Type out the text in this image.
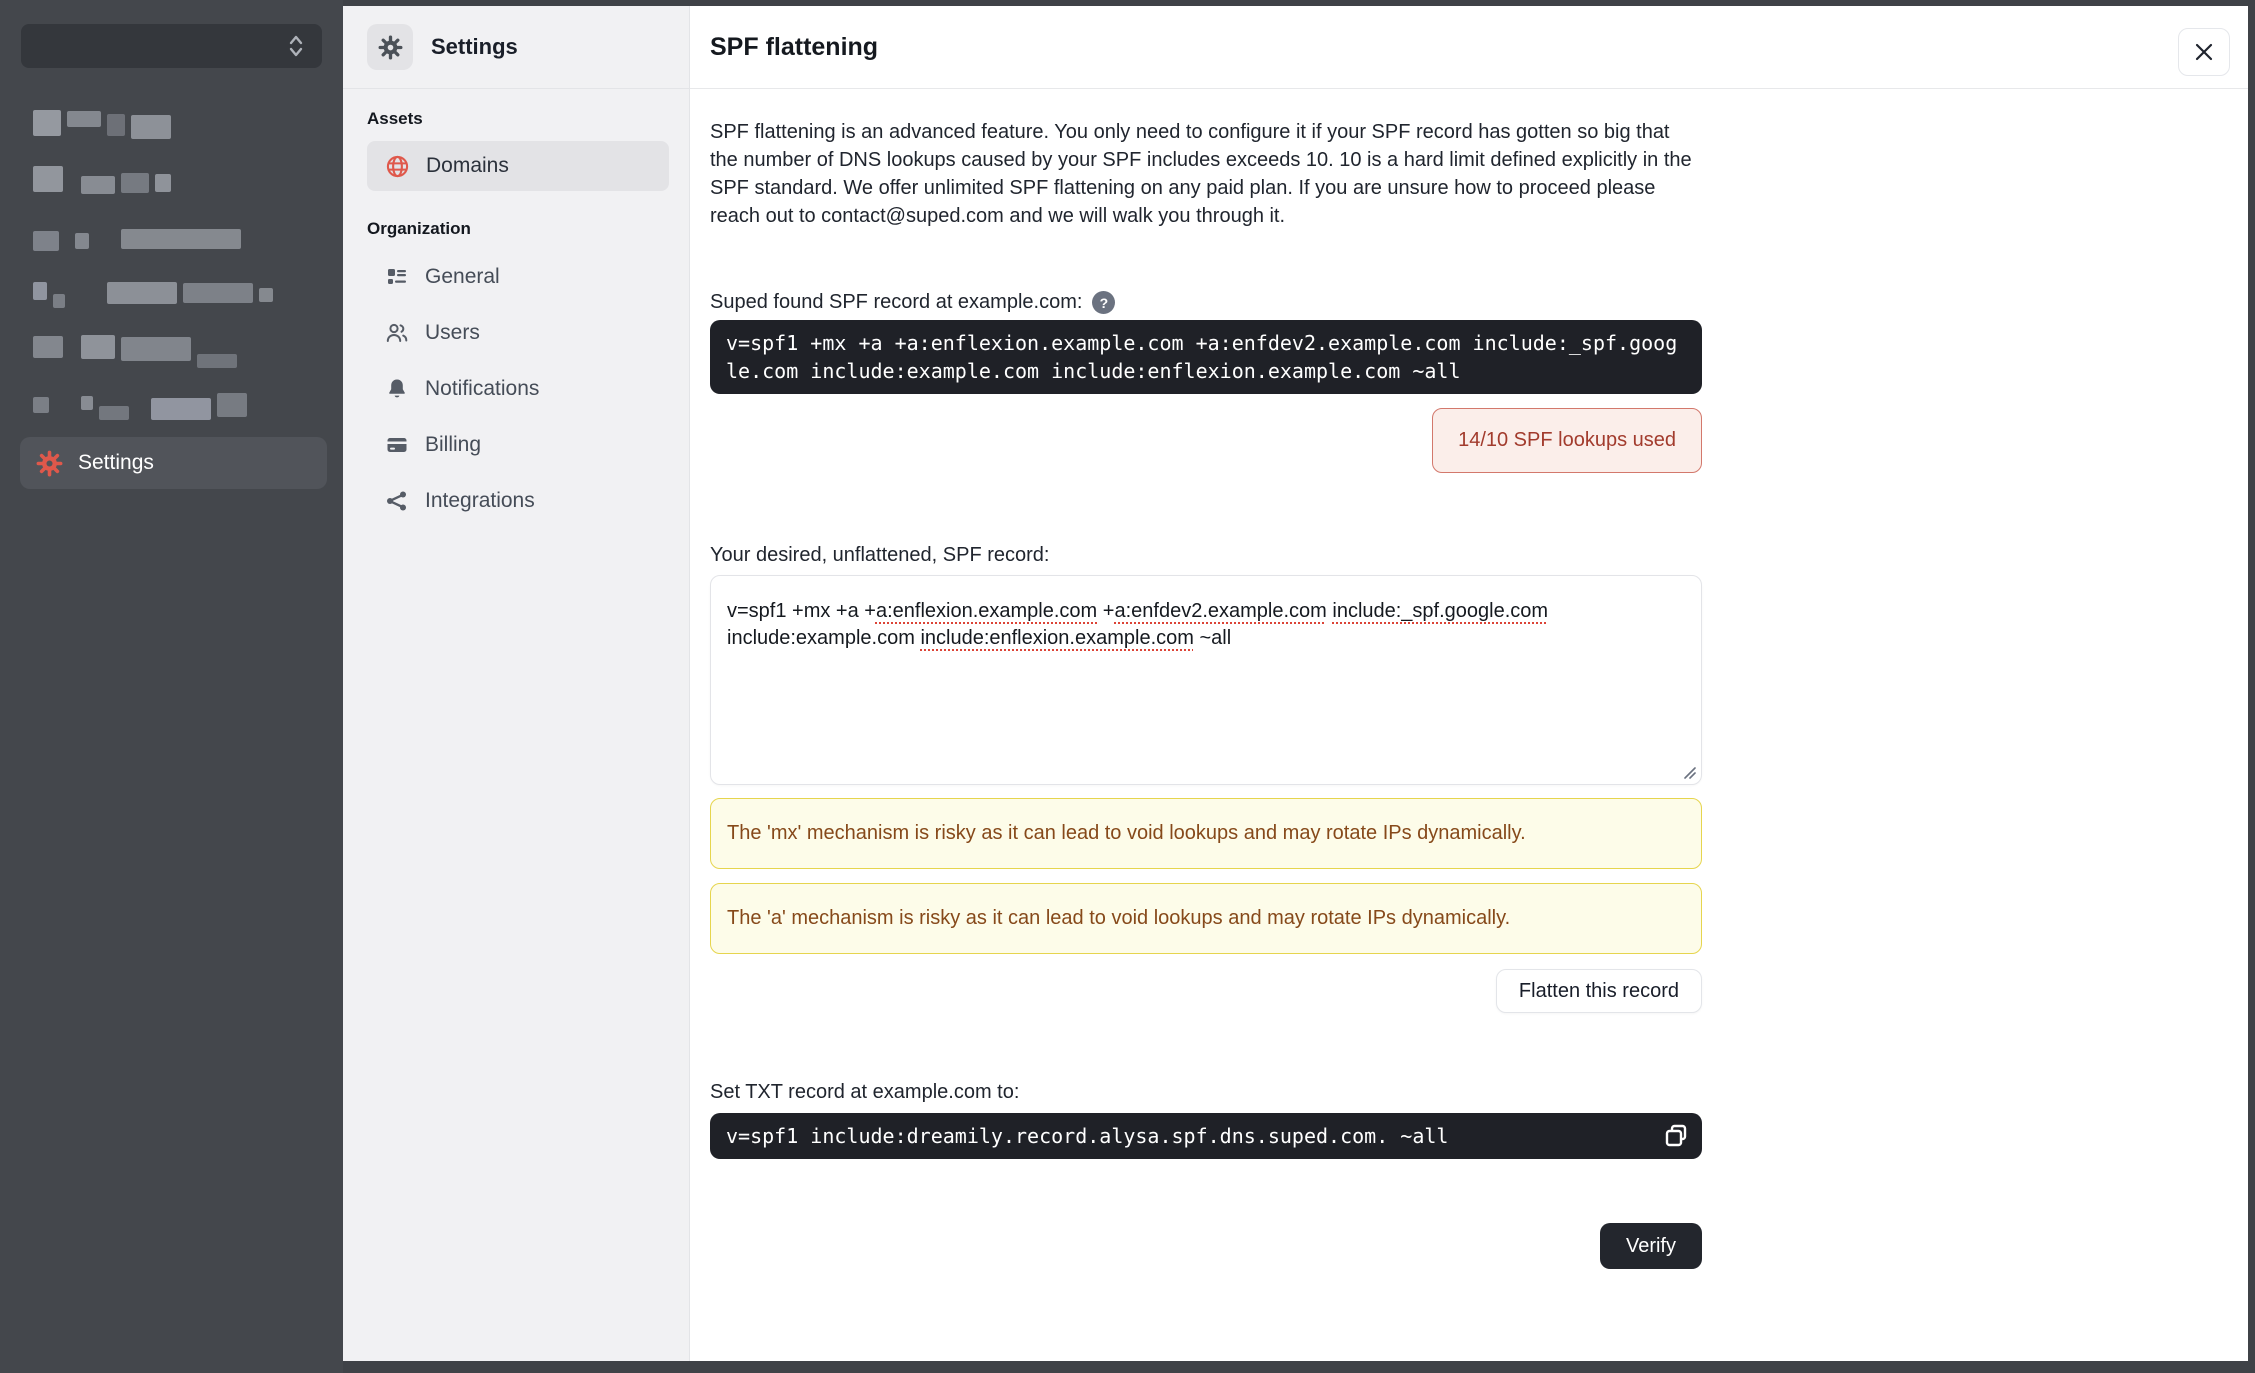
Settings
Settings
Assets
Domains
Organization
General
Users
Notifications
Billing
Integrations
SPF flattening

SPF flattening is an advanced feature. You only need to configure it if your SPF record has gotten so big that the number of DNS lookups caused by your SPF includes exceeds 10. 10 is a hard limit defined explicitly in the SPF standard. We offer unlimited SPF flattening on any paid plan. If you are unsure how to proceed please reach out to contact@suped.com and we will walk you through it.

Suped found SPF record at example.com:	?
v=spf1 +mx +a +a:enflexion.example.com +a:enfdev2.example.com include:_spf.google.com include:example.com include:enflexion.example.com ~all
14/10 SPF lookups used
Your desired, unflattened, SPF record:
v=spf1 +mx +a +a:enflexion.example.com +a:enfdev2.example.com include:_spf.google.com include:example.com include:enflexion.example.com ~all
The 'mx' mechanism is risky as it can lead to void lookups and may rotate IPs dynamically.
The 'a' mechanism is risky as it can lead to void lookups and may rotate IPs dynamically.
Flatten this record
Set TXT record at example.com to:
v=spf1 include:dreamily.record.alysa.spf.dns.suped.com. ~all
Verify
